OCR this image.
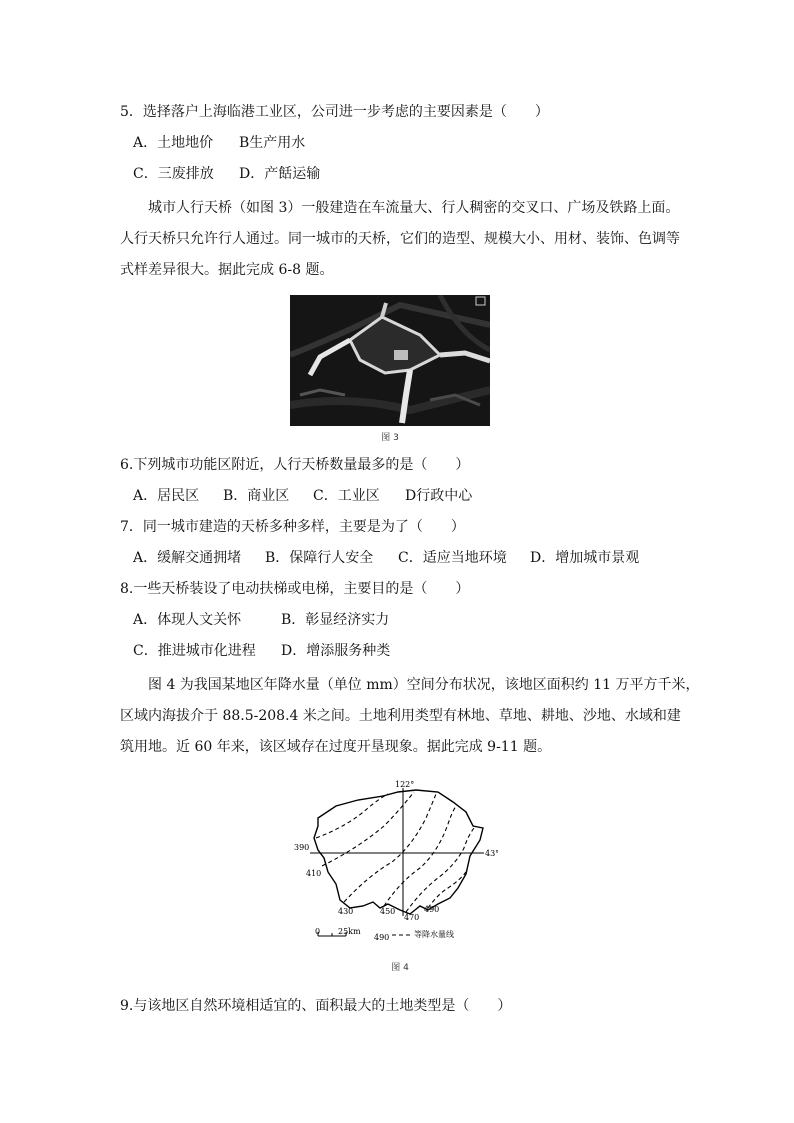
5．选择落户上海临港工业区，公司进一步考虑的主要因素是（　　）
A．土地地价 B生产用水
C．三废排放 D．产餂运输
城市人行天桥（如图 3）一般建造在车流量大、行人稠密的交叉口、广场及铁路上面。
人行天桥只允许行人通过。同一城市的天桥，它们的造型、规模大小、用材、装饰、色调等
式样差异很大。据此完成 6-8 题。
图 3
6.下列城市功能区附近，人行天桥数量最多的是（　　）
A．居民区 B．商业区 C．工业区 D行政中心
7．同一城市建造的天桥多种多样，主要是为了（　　）
A．缓解交通拥堵 B．保障行人安全 C．适应当地环境 D．增加城市景观
8.一些天桥装设了电动扶梯或电梯，主要目的是（　　）
A．体现人文关怀	B．彰显经济实力
C．推进城市化进程 D．增添服务种类
图 4 为我国某地区年降水量（单位 mm）空间分布状况，该地区面积约 11 万平方千米，
区域内海拔介于 88.5-208.4 米之间。土地利用类型有林地、草地、耕地、沙地、水域和建
筑用地。近 60 年来，该区域存在过度开垦现象。据此完成 9-11 题。
122°
43°
390
410
430	450
470
490
0 25km
490	等降水量线
图 4
9.与该地区自然环境相适宜的、面积最大的土地类型是（　　）
